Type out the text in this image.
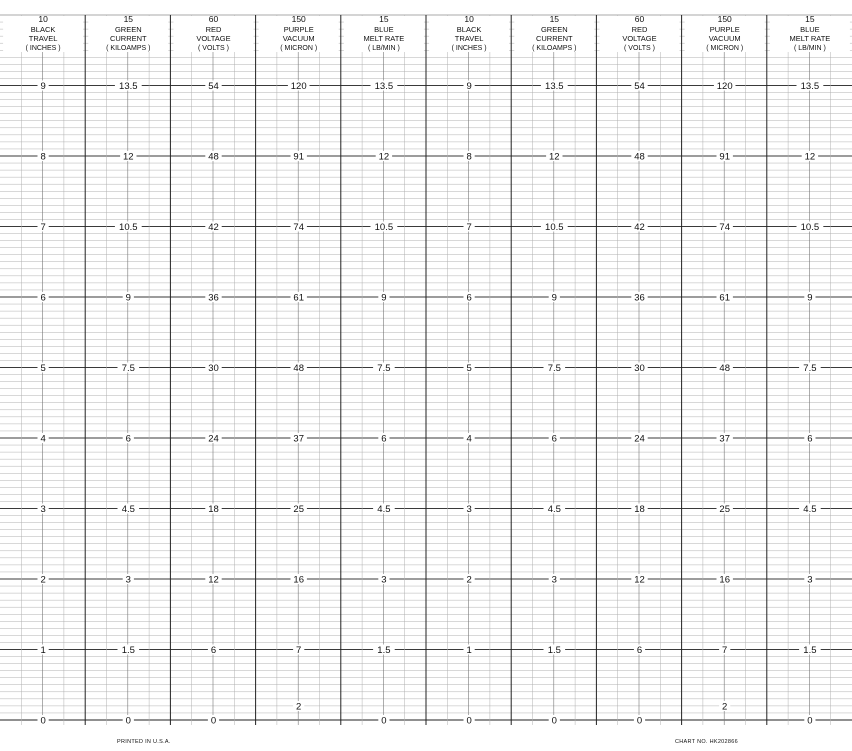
10
BLACK
TRAVEL
( INCHES )
9
8
7
6
5
4
3
2
1
0
15
GREEN
CURRENT
( KILOAMPS )
13.5
12
10.5
9
7.5
6
4.5
3
1.5
0
60
RED
VOLTAGE
( VOLTS )
54
48
42
36
30
24
18
12
6
0
150
PURPLE
VACUUM
( MICRON )
120
91
74
61
48
37
25
16
7
2
15
BLUE
MELT RATE
( LB/MIN )
13.5
12
10.5
9
7.5
6
4.5
3
1.5
0
10
BLACK
TRAVEL
( INCHES )
9
8
7
6
5
4
3
2
1
0
15
GREEN
CURRENT
( KILOAMPS )
13.5
12
10.5
9
7.5
6
4.5
3
1.5
0
60
RED
VOLTAGE
( VOLTS )
54
48
42
36
30
24
18
12
6
0
150
PURPLE
VACUUM
( MICRON )
120
91
74
61
48
37
25
16
7
2
15
BLUE
MELT RATE
( LB/MIN )
13.5
12
10.5
9
7.5
6
4.5
3
1.5
0
PRINTED IN U.S.A.	CHART NO. HK202866
